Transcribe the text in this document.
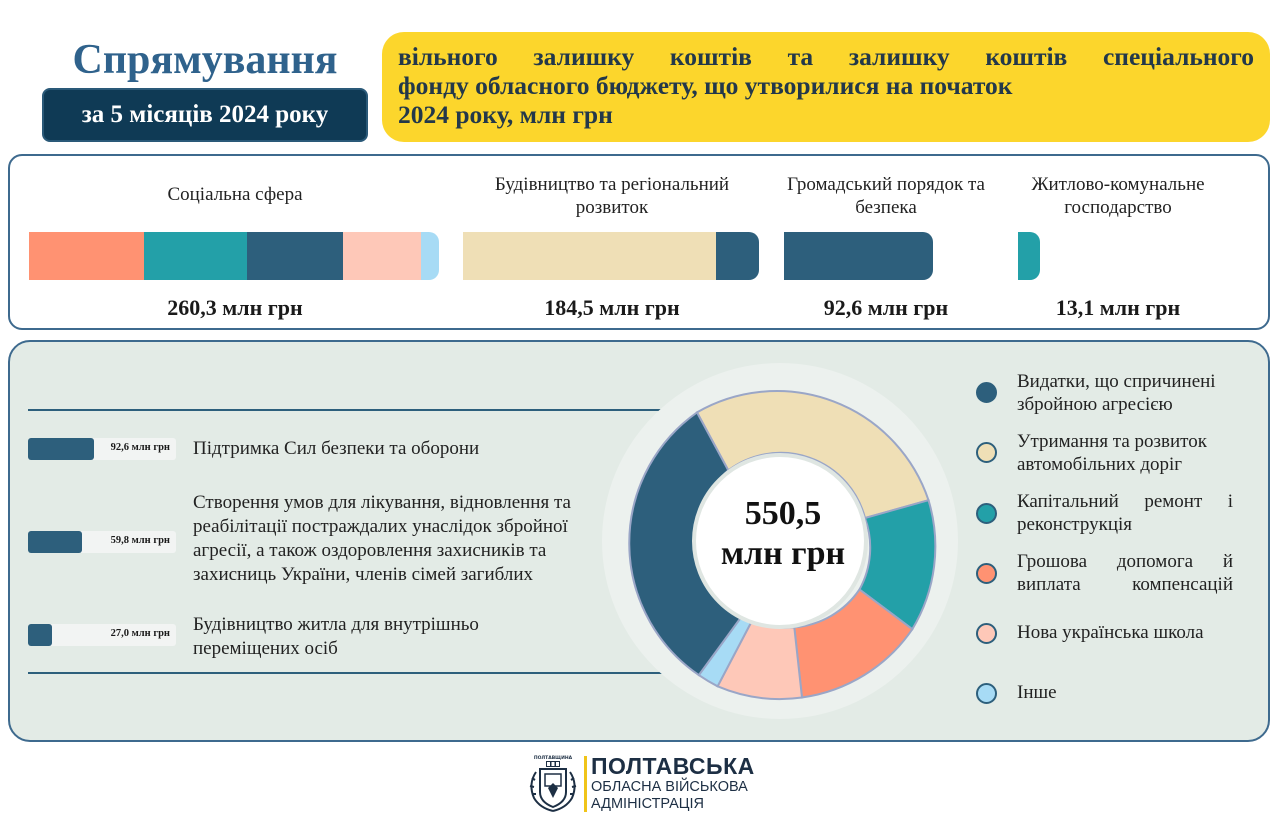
Спрямування
за 5 місяців 2024 року
вільного залишку коштів та залишку коштів спеціального
фонду обласного бюджету, що утворилися на початок
2024 року, млн грн
Соціальна сфера
260,3 млн грн
Будівництво та регіональний розвиток
184,5 млн грн
Громадський порядок та безпека
92,6 млн грн
Житлово-комунальне господарство
13,1 млн грн
92,6 млн грн Підтримка Сил безпеки та оборони
59,8 млн грн
Створення умов для лікування, відновлення та реабілітації постраждалих унаслідок збройної агресії, а також оздоровлення захисників та захисниць України, членів сімей загиблих
27,0 млн грн Будівництво житла для внутрішньо переміщених осіб
550,5
млн грн
Видатки, що спричинені збройною агресією
Утримання та розвиток автомобільних доріг
Капітальний ремонт і реконструкція
Грошова допомога й виплата компенсацій
Нова українська школа
Інше
ПОЛТАВЩИНА ПОЛТАВСЬКА
ОБЛАСНА ВІЙСЬКОВА
АДМІНІСТРАЦІЯ
